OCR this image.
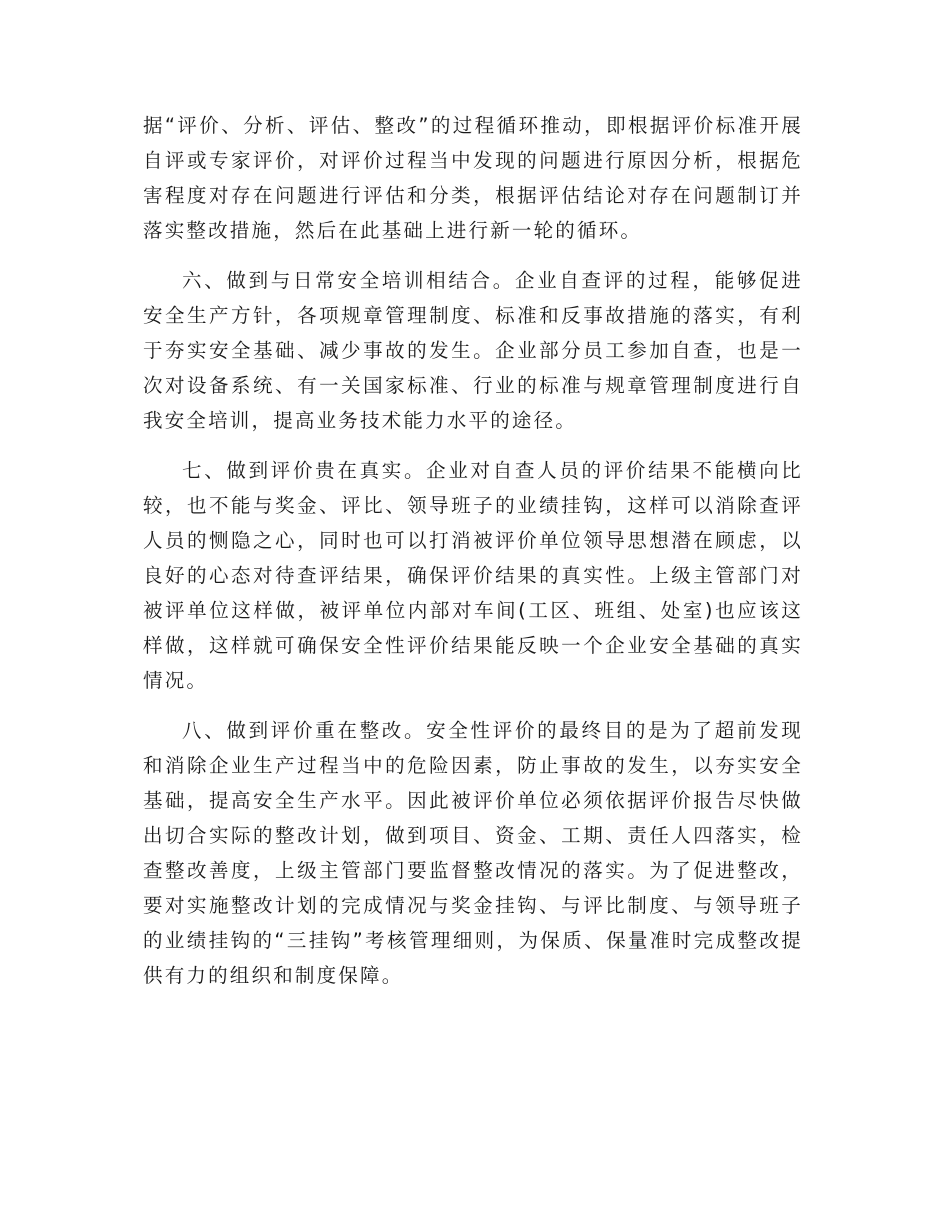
据“评价、分析、评估、整改”的过程循环推动，即根据评价标准开展自评或专家评价，对评价过程当中发现的问题进行原因分析，根据危害程度对存在问题进行评估和分类，根据评估结论对存在问题制订并落实整改措施，然后在此基础上进行新一轮的循环。

六、做到与日常安全培训相结合。企业自查评的过程，能够促进安全生产方针，各项规章管理制度、标准和反事故措施的落实，有利于夯实安全基础、减少事故的发生。企业部分员工参加自查，也是一次对设备系统、有一关国家标准、行业的标准与规章管理制度进行自我安全培训，提高业务技术能力水平的途径。

七、做到评价贵在真实。企业对自查人员的评价结果不能横向比较，也不能与奖金、评比、领导班子的业绩挂钩，这样可以消除查评人员的恻隐之心，同时也可以打消被评价单位领导思想潜在顾虑，以良好的心态对待查评结果，确保评价结果的真实性。上级主管部门对被评单位这样做，被评单位内部对车间(工区、班组、处室)也应该这样做，这样就可确保安全性评价结果能反映一个企业安全基础的真实情况。

八、做到评价重在整改。安全性评价的最终目的是为了超前发现和消除企业生产过程当中的危险因素，防止事故的发生，以夯实安全基础，提高安全生产水平。因此被评价单位必须依据评价报告尽快做出切合实际的整改计划，做到项目、资金、工期、责任人四落实，检查整改善度，上级主管部门要监督整改情况的落实。为了促进整改，要对实施整改计划的完成情况与奖金挂钩、与评比制度、与领导班子的业绩挂钩的“三挂钩”考核管理细则，为保质、保量准时完成整改提供有力的组织和制度保障。
